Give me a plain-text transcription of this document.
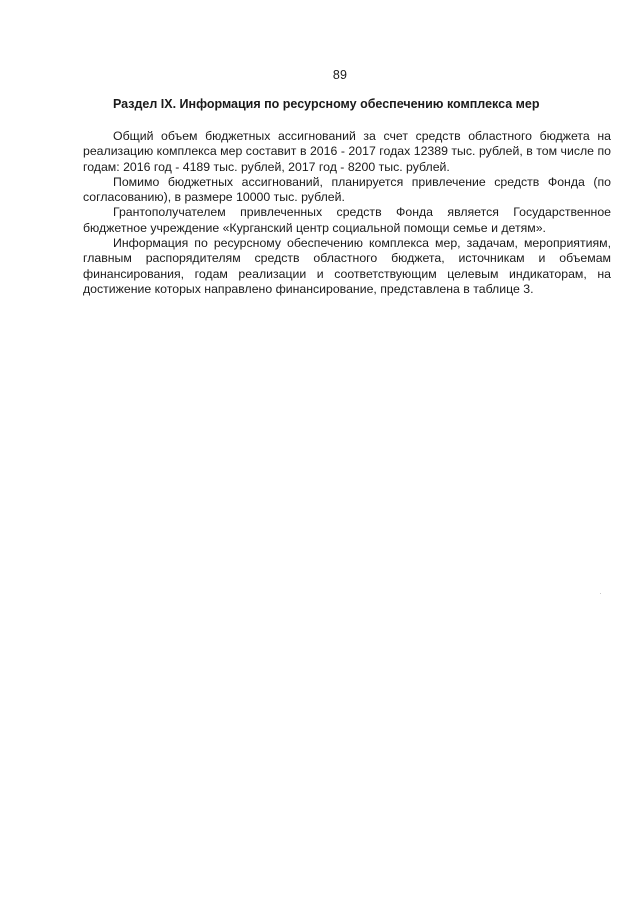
89
Раздел IX. Информация по ресурсному обеспечению комплекса мер

Общий объем бюджетных ассигнований за счет средств областного бюджета на реализацию комплекса мер составит в 2016 - 2017 годах 12389 тыс. рублей, в том числе по годам: 2016 год - 4189 тыс. рублей, 2017 год - 8200 тыс. рублей.

Помимо бюджетных ассигнований, планируется привлечение средств Фонда (по согласованию), в размере 10000 тыс. рублей.

Грантополучателем привлеченных средств Фонда является Государственное бюджетное учреждение «Курганский центр социальной помощи семье и детям».

Информация по ресурсному обеспечению комплекса мер, задачам, мероприятиям, главным распорядителям средств областного бюджета, источникам и объемам финансирования, годам реализации и соответствующим целевым индикаторам, на достижение которых направлено финансирование, представлена в таблице 3.
